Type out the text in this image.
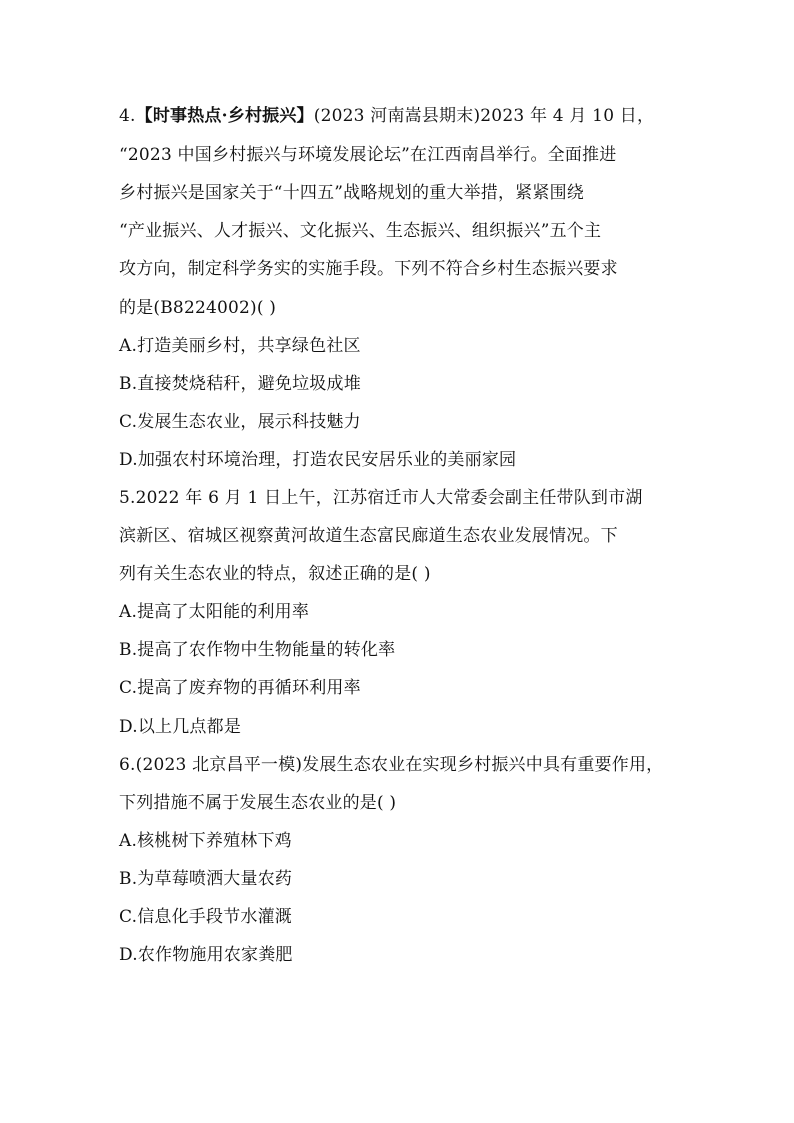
4.【时事热点·乡村振兴】(2023 河南嵩县期末)2023 年 4 月 10 日，
“2023 中国乡村振兴与环境发展论坛”在江西南昌举行。全面推进
乡村振兴是国家关于“十四五”战略规划的重大举措，紧紧围绕
“产业振兴、人才振兴、文化振兴、生态振兴、组织振兴”五个主
攻方向，制定科学务实的实施手段。下列不符合乡村生态振兴要求
的是(B8224002)( )
A.打造美丽乡村，共享绿色社区
B.直接焚烧秸秆，避免垃圾成堆
C.发展生态农业，展示科技魅力
D.加强农村环境治理，打造农民安居乐业的美丽家园
5.2022 年 6 月 1 日上午，江苏宿迁市人大常委会副主任带队到市湖
滨新区、宿城区视察黄河故道生态富民廊道生态农业发展情况。下
列有关生态农业的特点，叙述正确的是( )
A.提高了太阳能的利用率
B.提高了农作物中生物能量的转化率
C.提高了废弃物的再循环利用率
D.以上几点都是
6.(2023 北京昌平一模)发展生态农业在实现乡村振兴中具有重要作用，
下列措施不属于发展生态农业的是( )
A.核桃树下养殖林下鸡
B.为草莓喷洒大量农药
C.信息化手段节水灌溉
D.农作物施用农家粪肥
